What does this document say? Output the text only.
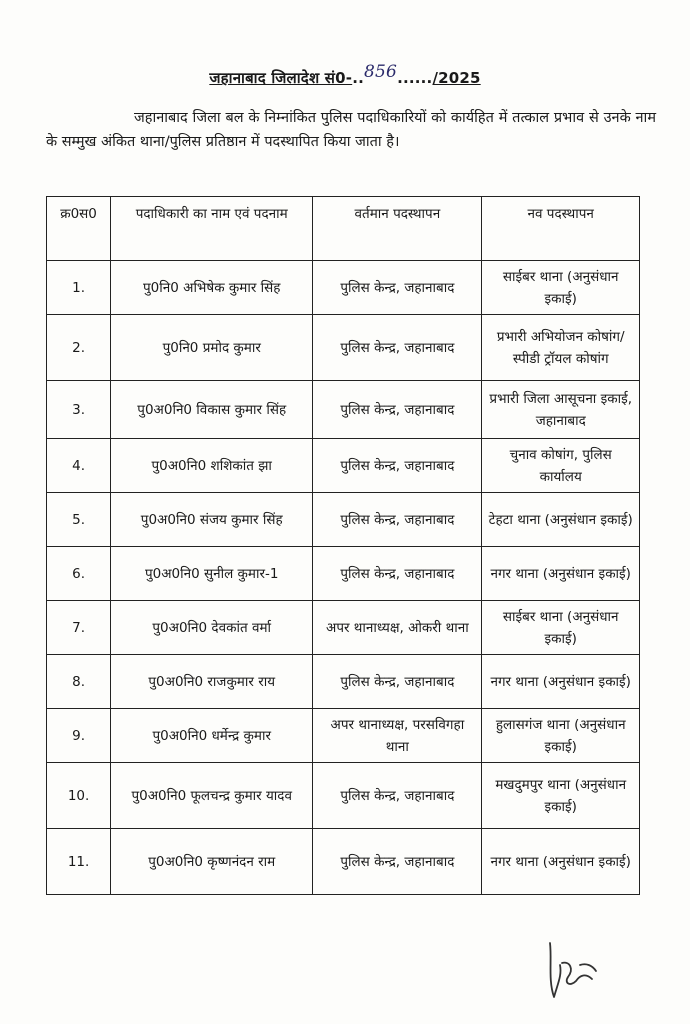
जहानाबाद जिलादेश सं0-..856....../2025
जहानाबाद जिला बल के निम्नांकित पुलिस पदाधिकारियों को कार्यहित में तत्काल प्रभाव से उनके नाम के सम्मुख अंकित थाना/पुलिस प्रतिष्ठान में पदस्थापित किया जाता है।
क्र0स0	पदाधिकारी का नाम एवं पदनाम	वर्तमान पदस्थापन	नव पदस्थापन
1.	पु0नि0 अभिषेक कुमार सिंह	पुलिस केन्द्र, जहानाबाद	साईबर थाना (अनुसंधान इकाई)
2.	पु0नि0 प्रमोद कुमार	पुलिस केन्द्र, जहानाबाद	प्रभारी अभियोजन कोषांग/स्पीडी ट्रॉयल कोषांग
3.	पु0अ0नि0 विकास कुमार सिंह	पुलिस केन्द्र, जहानाबाद	प्रभारी जिला आसूचना इकाई, जहानाबाद
4.	पु0अ0नि0 शशिकांत झा	पुलिस केन्द्र, जहानाबाद	चुनाव कोषांग, पुलिस कार्यालय
5.	पु0अ0नि0 संजय कुमार सिंह	पुलिस केन्द्र, जहानाबाद	टेहटा थाना (अनुसंधान इकाई)
6.	पु0अ0नि0 सुनील कुमार-1	पुलिस केन्द्र, जहानाबाद	नगर थाना (अनुसंधान इकाई)
7.	पु0अ0नि0 देवकांत वर्मा	अपर थानाध्यक्ष, ओकरी थाना	साईबर थाना (अनुसंधान इकाई)
8.	पु0अ0नि0 राजकुमार राय	पुलिस केन्द्र, जहानाबाद	नगर थाना (अनुसंधान इकाई)
9.	पु0अ0नि0 धर्मेन्द्र कुमार	अपर थानाध्यक्ष, परसविगहा थाना	हुलासगंज थाना (अनुसंधान इकाई)
10.	पु0अ0नि0 फूलचन्द्र कुमार यादव	पुलिस केन्द्र, जहानाबाद	मखदुमपुर थाना (अनुसंधान इकाई)
11.	पु0अ0नि0 कृष्णनंदन राम	पुलिस केन्द्र, जहानाबाद	नगर थाना (अनुसंधान इकाई)
